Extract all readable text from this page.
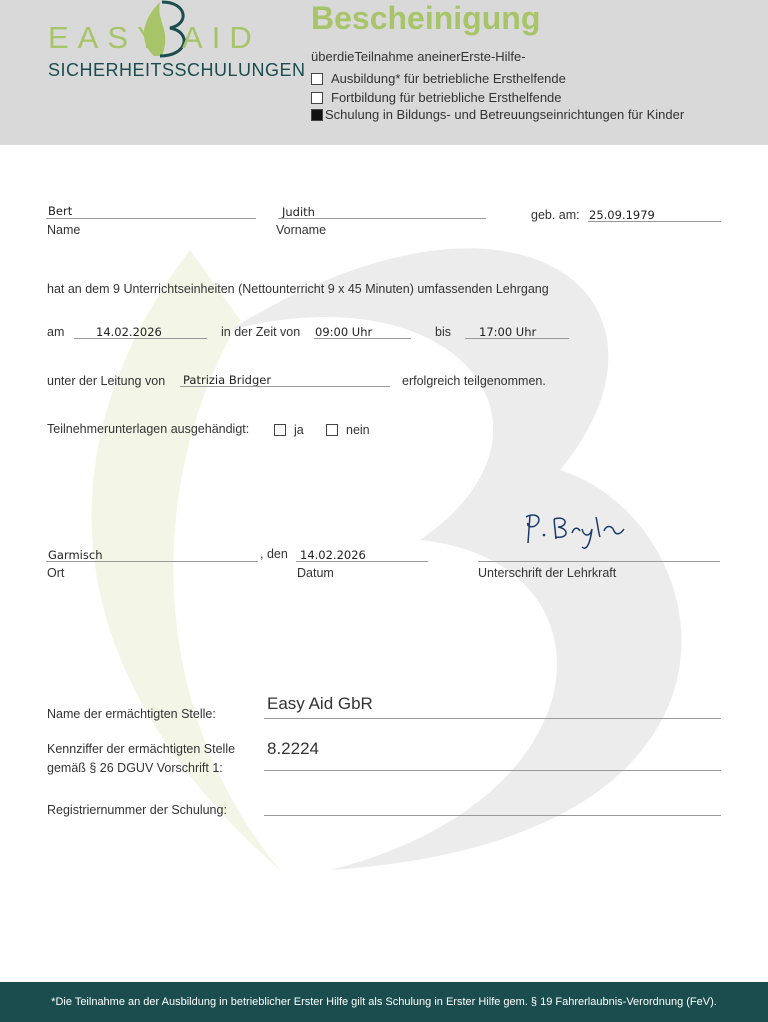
EASY AID
SICHERHEITSSCHULUNGEN
Bescheinigung
überdieTeilnahme aneinerErste-Hilfe-
Ausbildung* für betriebliche Ersthelfende
Fortbildung für betriebliche Ersthelfende
Schulung in Bildungs- und Betreuungseinrichtungen für Kinder
Bert
Name
Judith
Vorname
geb. am: 25.09.1979
hat an dem 9 Unterrichtseinheiten (Nettounterricht 9 x 45 Minuten) umfassenden Lehrgang
am	14.02.2026	in der Zeit von 09:00 Uhr	bis 17:00 Uhr
unter der Leitung von Patrizia Bridger	erfolgreich teilgenommen.
Teilnehmerunterlagen ausgehändigt:	ja	nein
Garmisch
Ort
, den 14.02.2026
Datum	Unterschrift der Lehrkraft
Name der ermächtigten Stelle:
Easy Aid GbR
Kennziffer der ermächtigten Stelle
gemäß § 26 DGUV Vorschrift 1:
8.2224
Registriernummer der Schulung:
*Die Teilnahme an der Ausbildung in betrieblicher Erster Hilfe gilt als Schulung in Erster Hilfe gem. § 19 Fahrerlaubnis-Verordnung (FeV).
